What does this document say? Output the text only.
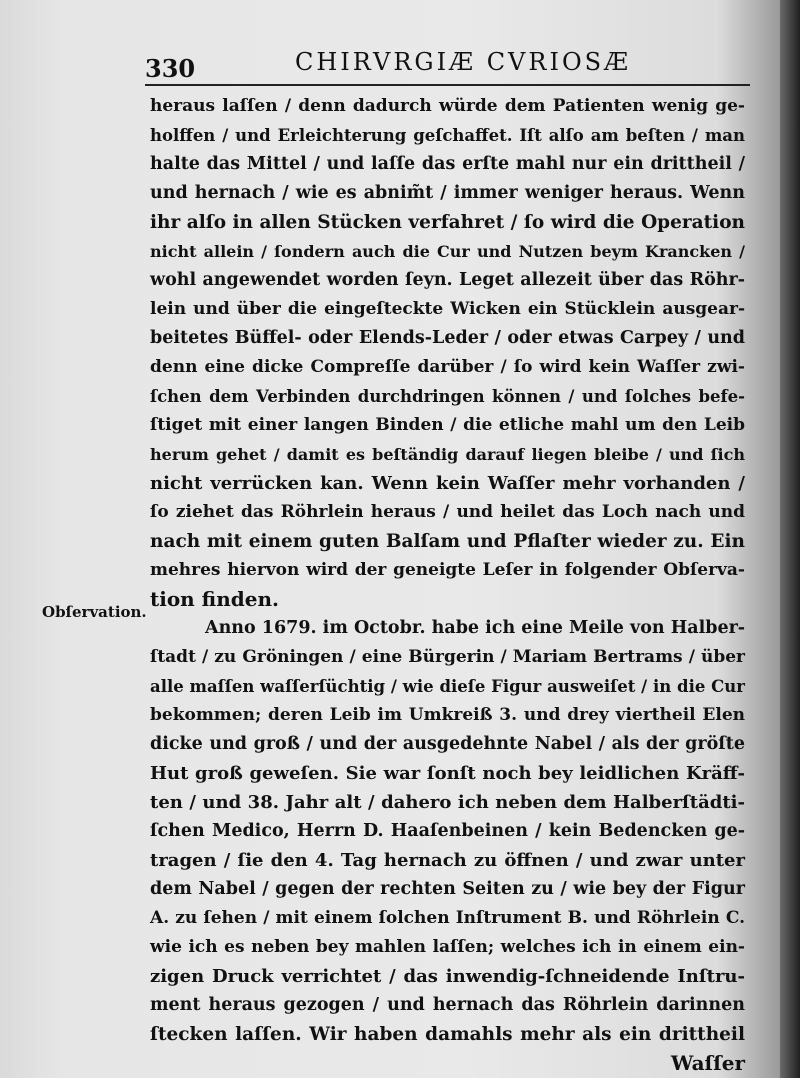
330	CHIRVRGIÆ CVRIOSÆ
Obſervation.
heraus laſſen / denn dadurch würde dem Patienten wenig ge-
holffen / und Erleichterung geſchaffet. Iſt alſo am beſten / man
halte das Mittel / und laſſe das erſte mahl nur ein drittheil /
und hernach / wie es abnim̃t / immer weniger heraus. Wenn
ihr alſo in allen Stücken verfahret / ſo wird die Operation
nicht allein / ſondern auch die Cur und Nutzen beym Krancken /
wohl angewendet worden ſeyn. Leget allezeit über das Röhr-
lein und über die eingeſteckte Wicken ein Stücklein ausgear-
beitetes Büffel- oder Elends-Leder / oder etwas Carpey / und
denn eine dicke Compreſſe darüber / ſo wird kein Waſſer zwi-
ſchen dem Verbinden durchdringen können / und ſolches befe-
ſtiget mit einer langen Binden / die etliche mahl um den Leib
herum gehet / damit es beſtändig darauf liegen bleibe / und ſich
nicht verrücken kan. Wenn kein Waſſer mehr vorhanden /
ſo ziehet das Röhrlein heraus / und heilet das Loch nach und
nach mit einem guten Balſam und Pflaſter wieder zu. Ein
mehres hiervon wird der geneigte Leſer in folgender Obſerva-
tion finden.
Anno 1679. im Octobr. habe ich eine Meile von Halber-
ſtadt / zu Gröningen / eine Bürgerin / Mariam Bertrams / über
alle maſſen waſſerſüchtig / wie dieſe Figur ausweiſet / in die Cur
bekommen; deren Leib im Umkreiß 3. und drey viertheil Elen
dicke und groß / und der ausgedehnte Nabel / als der gröſte
Hut groß geweſen. Sie war ſonſt noch bey leidlichen Kräff-
ten / und 38. Jahr alt / dahero ich neben dem Halberſtädti-
ſchen Medico, Herrn D. Haaſenbeinen / kein Bedencken ge-
tragen / ſie den 4. Tag hernach zu öffnen / und zwar unter
dem Nabel / gegen der rechten Seiten zu / wie bey der Figur
A. zu ſehen / mit einem ſolchen Inſtrument B. und Röhrlein C.
wie ich es neben bey mahlen laſſen; welches ich in einem ein-
zigen Druck verrichtet / das inwendig-ſchneidende Inſtru-
ment heraus gezogen / und hernach das Röhrlein darinnen
ſtecken laſſen. Wir haben damahls mehr als ein drittheil
Waſſer
